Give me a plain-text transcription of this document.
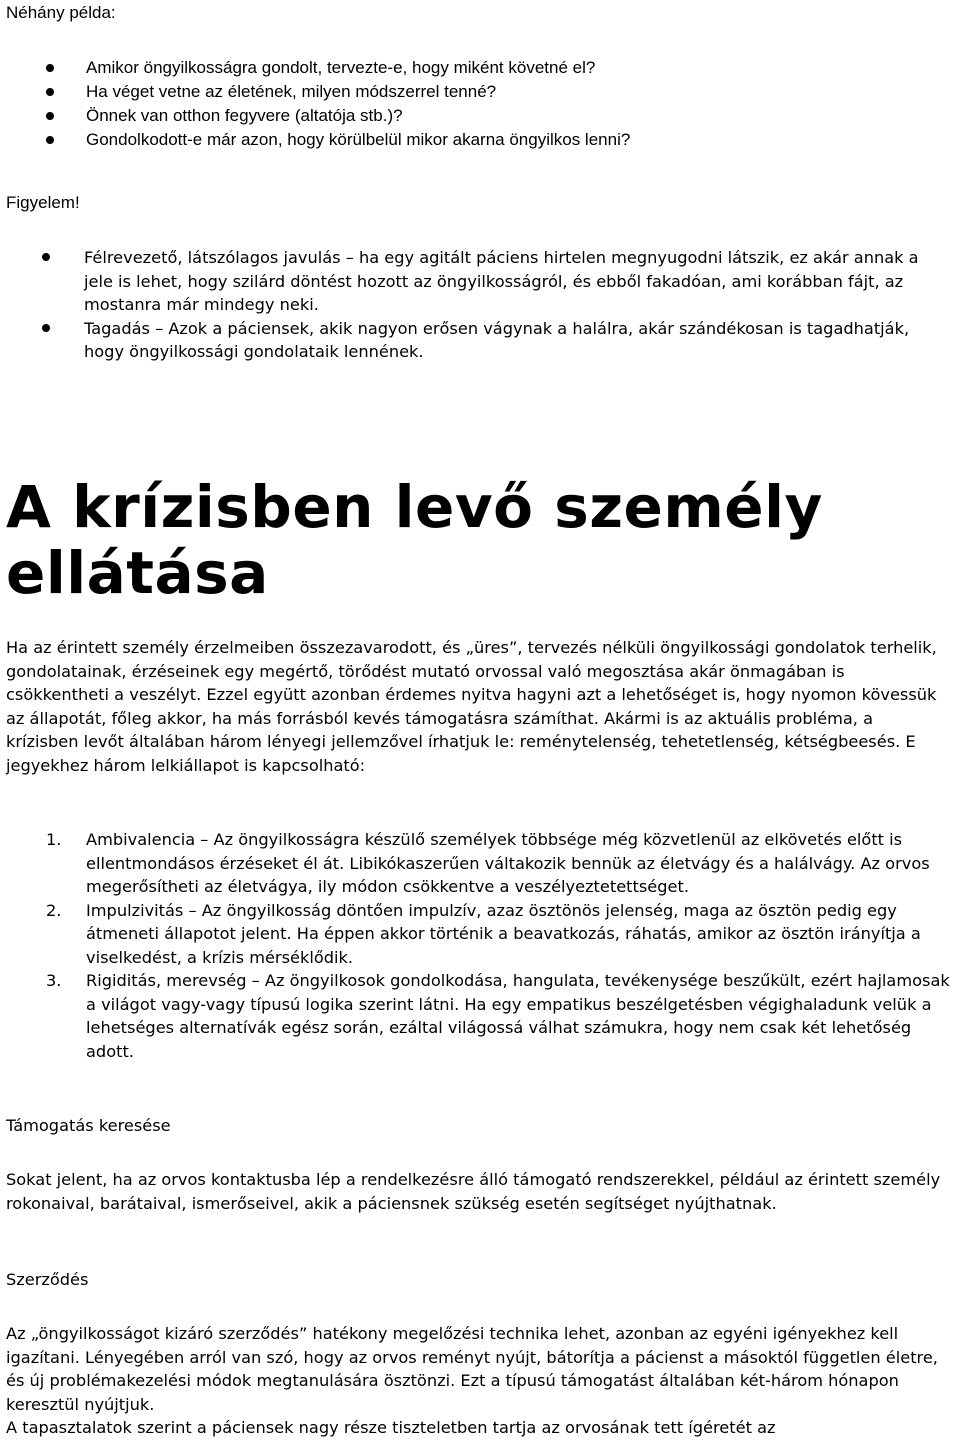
Néhány példa:
Amikor öngyilkosságra gondolt, tervezte-e, hogy miként követné el?
Ha véget vetne az életének, milyen módszerrel tenné?
Önnek van otthon fegyvere (altatója stb.)?
Gondolkodott-e már azon, hogy körülbelül mikor akarna öngyilkos lenni?
Figyelem!
Félrevezető, látszólagos javulás – ha egy agitált páciens hirtelen megnyugodni látszik, ez akár annak a jele is lehet, hogy szilárd döntést hozott az öngyilkosságról, és ebből fakadóan, ami korábban fájt, az mostanra már mindegy neki.
Tagadás – Azok a páciensek, akik nagyon erősen vágynak a halálra, akár szándékosan is tagadhatják, hogy öngyilkossági gondolataik lennének.
A krízisben levő személy ellátása

Ha az érintett személy érzelmeiben összezavarodott, és „üres”, tervezés nélküli öngyilkossági gondolatok terhelik, gondolatainak, érzéseinek egy megértő, törődést mutató orvossal való megosztása akár önmagában is csökkentheti a veszélyt. Ezzel együtt azonban érdemes nyitva hagyni azt a lehetőséget is, hogy nyomon kövessük az állapotát, főleg akkor, ha más forrásból kevés támogatásra számíthat. Akármi is az aktuális probléma, a krízisben levőt általában három lényegi jellemzővel írhatjuk le: reménytelenség, tehetetlenség, kétségbeesés. E jegyekhez három lelkiállapot is kapcsolható:

1. Ambivalencia – Az öngyilkosságra készülő személyek többsége még közvetlenül az elkövetés előtt is ellentmondásos érzéseket él át. Libikókaszerűen váltakozik bennük az életvágy és a halálvágy. Az orvos megerősítheti az életvágya, ily módon csökkentve a veszélyeztetettséget.
2. Impulzivitás – Az öngyilkosság döntően impulzív, azaz ösztönös jelenség, maga az ösztön pedig egy átmeneti állapotot jelent. Ha éppen akkor történik a beavatkozás, ráhatás, amikor az ösztön irányítja a viselkedést, a krízis mérséklődik.
3. Rigiditás, merevség – Az öngyilkosok gondolkodása, hangulata, tevékenysége beszűkült, ezért hajlamosak a világot vagy-vagy típusú logika szerint látni. Ha egy empatikus beszélgetésben végighaladunk velük a lehetséges alternatívák egész során, ezáltal világossá válhat számukra, hogy nem csak két lehetőség adott.
Támogatás keresése

Sokat jelent, ha az orvos kontaktusba lép a rendelkezésre álló támogató rendszerekkel, például az érintett személy rokonaival, barátaival, ismerőseivel, akik a páciensnek szükség esetén segítséget nyújthatnak.

Szerződés

Az „öngyilkosságot kizáró szerződés” hatékony megelőzési technika lehet, azonban az egyéni igényekhez kell igazítani. Lényegében arról van szó, hogy az orvos reményt nyújt, bátorítja a pácienst a másoktól független életre, és új problémakezelési módok megtanulására ösztönzi. Ezt a típusú támogatást általában két-három hónapon keresztül nyújtjuk.

A tapasztalatok szerint a páciensek nagy része tiszteletben tartja az orvosának tett ígéretét az
